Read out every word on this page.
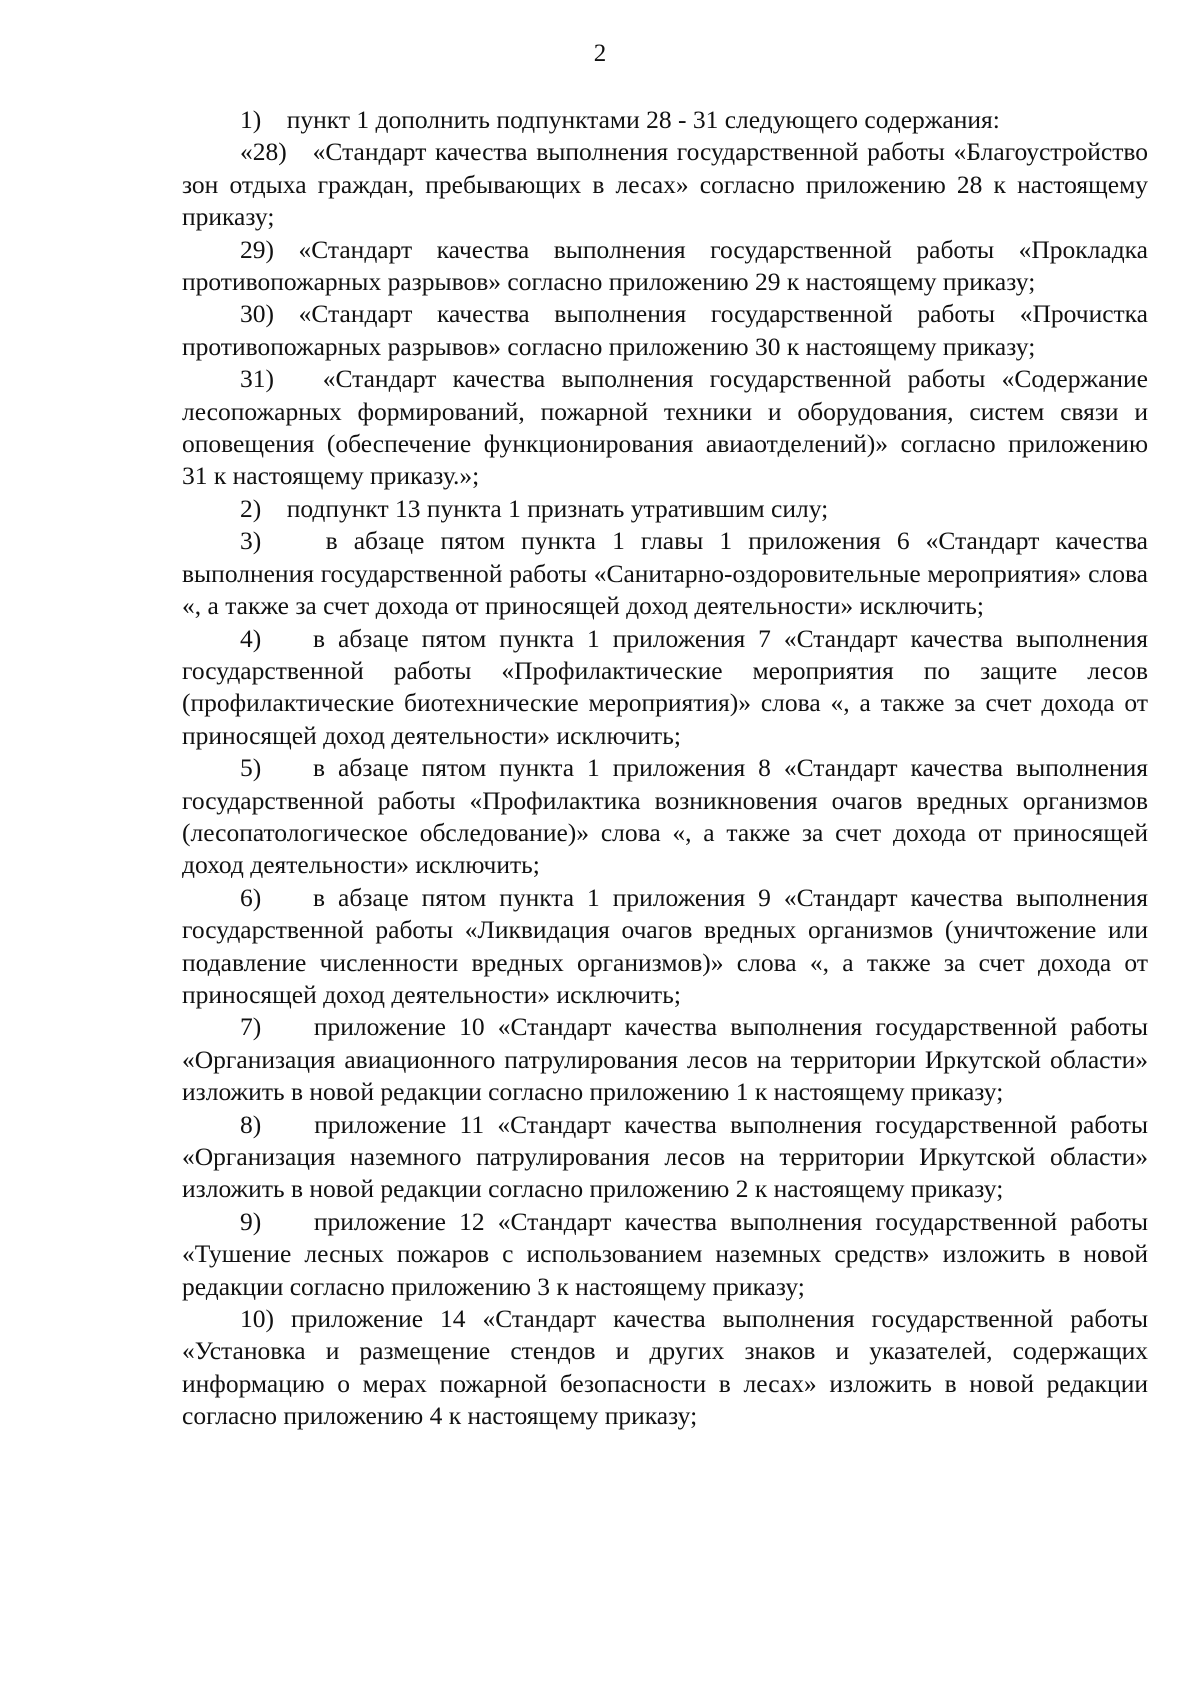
2

1)    пункт 1 дополнить подпунктами 28 - 31 следующего содержания:

«28)   «Стандарт качества выполнения государственной работы «Благоустройство зон отдыха граждан, пребывающих в лесах» согласно приложению 28 к настоящему приказу;

29) «Стандарт качества выполнения государственной работы «Прокладка противопожарных разрывов» согласно приложению 29 к настоящему приказу;

30) «Стандарт качества выполнения государственной работы «Прочистка противопожарных разрывов» согласно приложению 30 к настоящему приказу;

31)   «Стандарт качества выполнения государственной работы «Содержание лесопожарных формирований, пожарной техники и оборудования, систем связи и оповещения (обеспечение функционирования авиаотделений)» согласно приложению 31 к настоящему приказу.»;

2)    подпункт 13 пункта 1 признать утратившим силу;

3)    в абзаце пятом пункта 1 главы 1 приложения 6 «Стандарт качества выполнения государственной работы «Санитарно-оздоровительные мероприятия» слова «, а также за счет дохода от приносящей доход деятельности» исключить;

4)    в абзаце пятом пункта 1 приложения 7 «Стандарт качества выполнения государственной работы «Профилактические мероприятия по защите лесов (профилактические биотехнические мероприятия)» слова «, а также за счет дохода от приносящей доход деятельности» исключить;

5)    в абзаце пятом пункта 1 приложения 8 «Стандарт качества выполнения государственной работы «Профилактика возникновения очагов вредных организмов (лесопатологическое обследование)» слова «, а также за счет дохода от приносящей доход деятельности» исключить;

6)    в абзаце пятом пункта 1 приложения 9 «Стандарт качества выполнения государственной работы «Ликвидация очагов вредных организмов (уничтожение или подавление численности вредных организмов)» слова «, а также за счет дохода от приносящей доход деятельности» исключить;

7)    приложение 10 «Стандарт качества выполнения государственной работы «Организация авиационного патрулирования лесов на территории Иркутской области» изложить в новой редакции согласно приложению 1 к настоящему приказу;

8)    приложение 11 «Стандарт качества выполнения государственной работы «Организация наземного патрулирования лесов на территории Иркутской области» изложить в новой редакции согласно приложению 2 к настоящему приказу;

9)    приложение 12 «Стандарт качества выполнения государственной работы «Тушение лесных пожаров с использованием наземных средств» изложить в новой редакции согласно приложению 3 к настоящему приказу;

10) приложение 14 «Стандарт качества выполнения государственной работы «Установка и размещение стендов и других знаков и указателей, содержащих информацию о мерах пожарной безопасности в лесах» изложить в новой редакции согласно приложению 4 к настоящему приказу;
